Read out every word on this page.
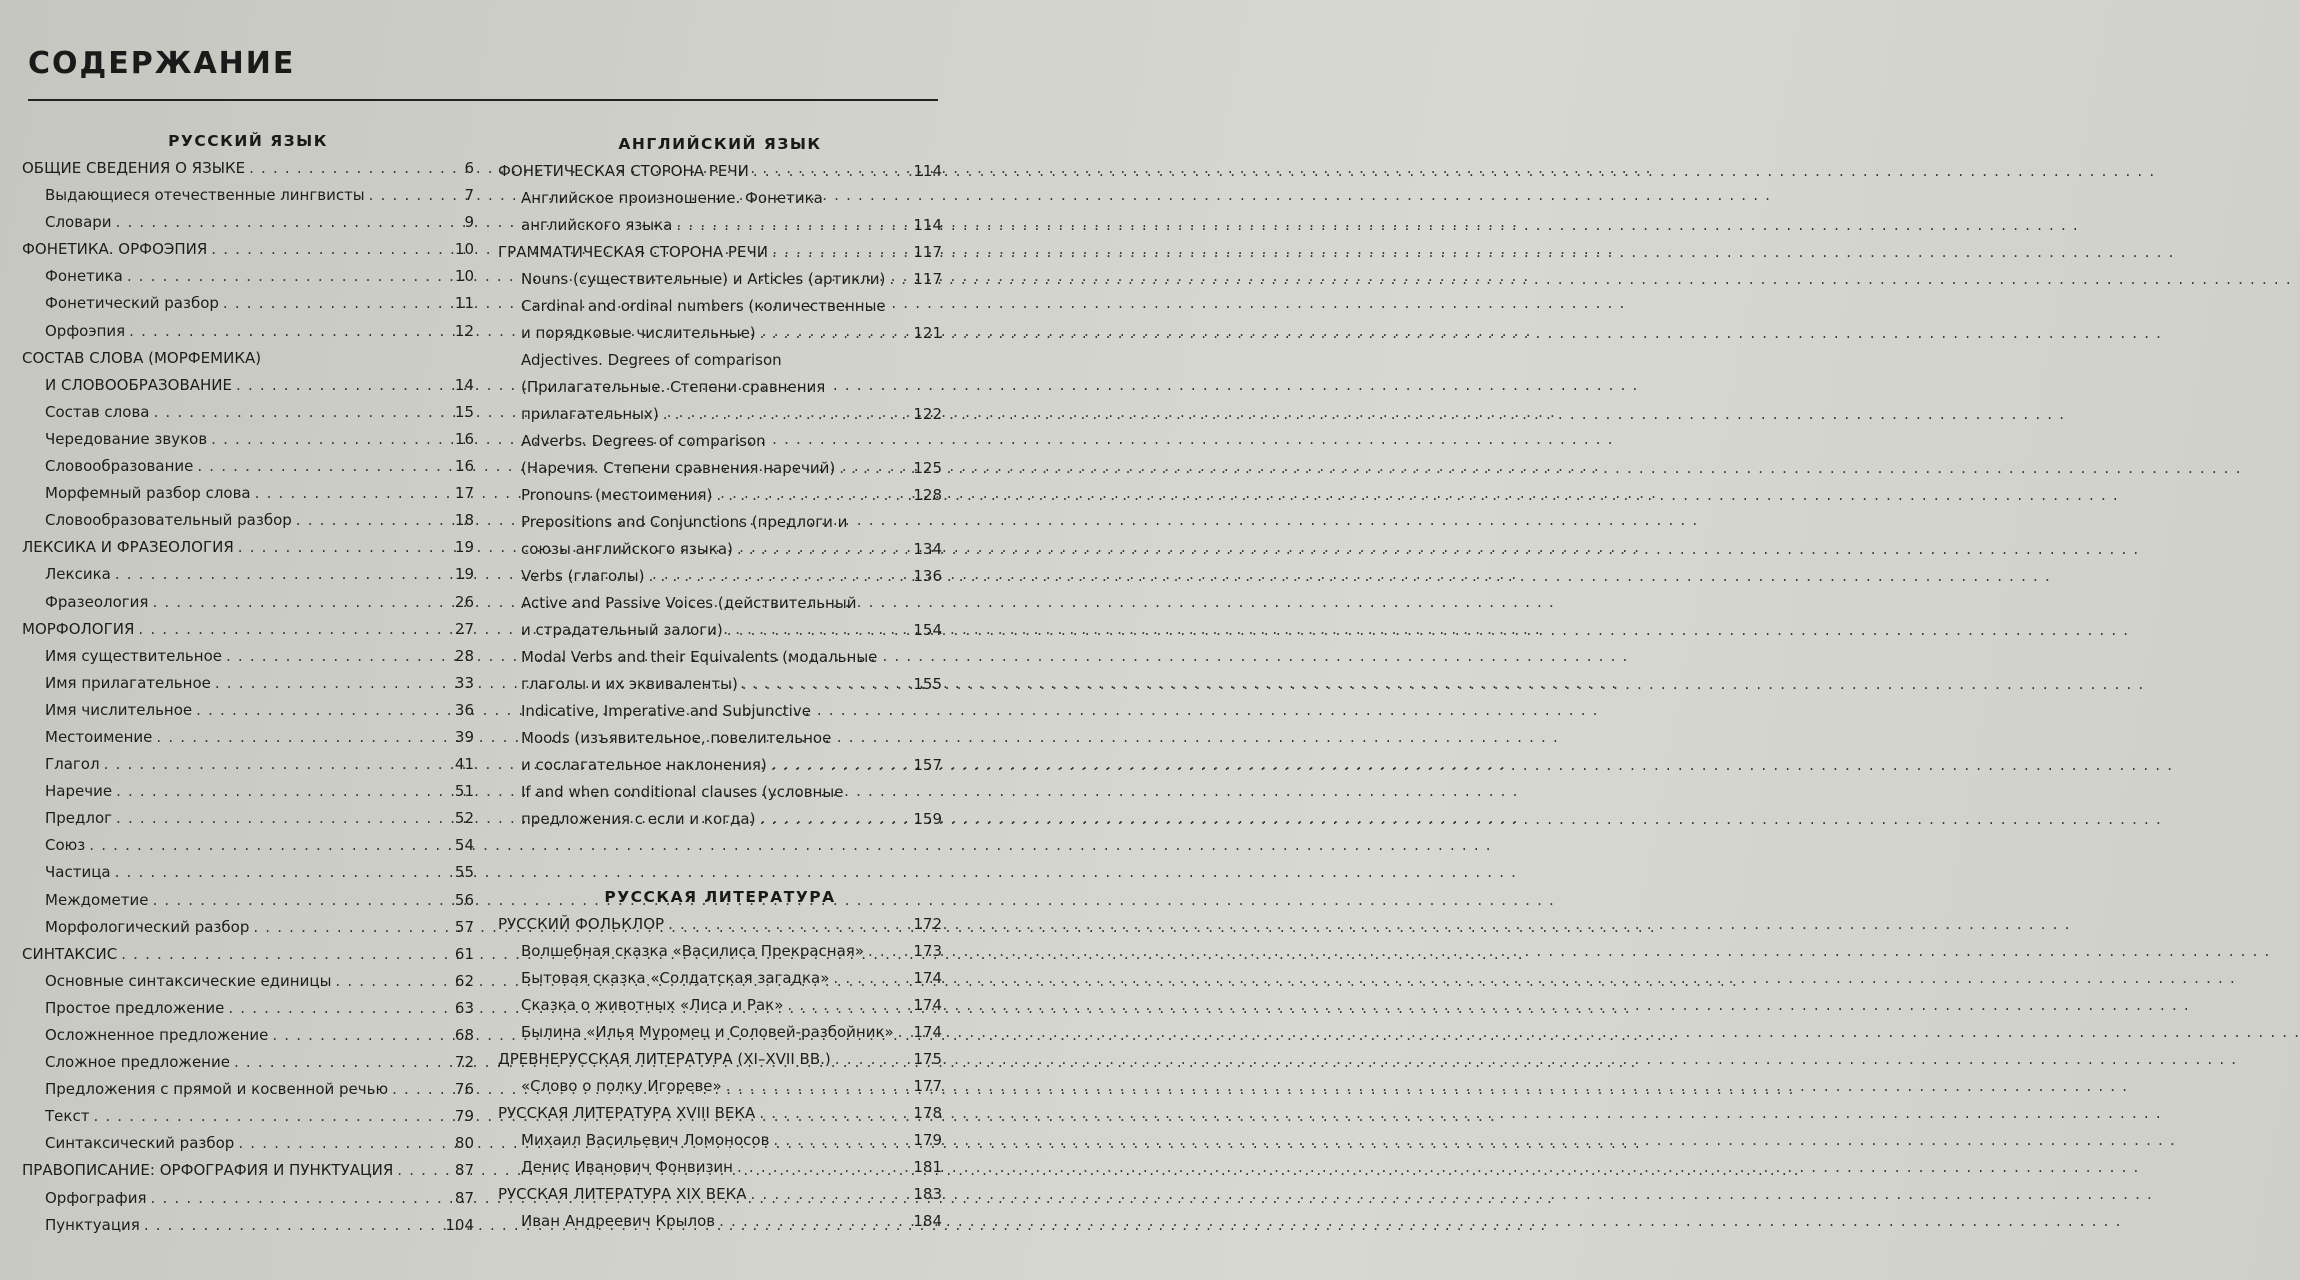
СОДЕРЖАНИЕ
РУССКИЙ ЯЗЫК
ОБЩИЕ СВЕДЕНИЯ О ЯЗЫКЕ . . .	6
Выдающиеся отечественные лингвисты . . .	7
Словари . . .	9
ФОНЕТИКА. ОРФОЭПИЯ . . .	10
Фонетика . . .	10
Фонетический разбор . . .	11
Орфоэпия . . .	12
СОСТАВ СЛОВА (МОРФЕМИКА)
И СЛОВООБРАЗОВАНИЕ . . .	14
Состав слова . . .	15
Чередование звуков . . .	16
Словообразование . . .	16
Морфемный разбор слова . . .	17
Словообразовательный разбор . . .	18
ЛЕКСИКА И ФРАЗЕОЛОГИЯ . . .	19
Лексика . . .	19
Фразеология . . .	26
МОРФОЛОГИЯ . . .	27
Имя существительное . . .	28
Имя прилагательное . . .	33
Имя числительное . . .	36
Местоимение . . .	39
Глагол . . .	41
Наречие . . .	51
Предлог . . .	52
Союз . . .	54
Частица . . .	55
Междометие . . .	56
Морфологический разбор . . .	57
СИНТАКСИС . . .	61
Основные синтаксические единицы . . .	62
Простое предложение . . .	63
Осложненное предложение . . .	68
Сложное предложение . . .	72
Предложения с прямой и косвенной речью . . .	76
Текст . . .	79
Синтаксический разбор . . .	80
ПРАВОПИСАНИЕ: ОРФОГРАФИЯ И ПУНКТУАЦИЯ . . .	87
Орфография . . .	87
Пунктуация . . .	104
АНГЛИЙСКИЙ ЯЗЫК
ФОНЕТИЧЕСКАЯ СТОРОНА РЕЧИ . . .	114
Английское произношение. Фонетика
английского языка . . .	114
ГРАММАТИЧЕСКАЯ СТОРОНА РЕЧИ . . .	117
Nouns (существительные) и Articles (артикли) . . . 117
Cardinal and ordinal numbers (количественные
и порядковые числительные) . . .	121
Adjectives. Degrees of comparison
(Прилагательные. Степени сравнения
прилагательных) . . .	122
Adverbs. Degrees of comparison
(Наречия. Степени сравнения наречий) . . .	125
Pronouns (местоимения) . . .	128
Prepositions and Conjunctions (предлоги и
союзы английского языка) . . .	134
Verbs (глаголы) . . .	136
Active and Passive Voices (действительный
и страдательный залоги) . . .	154
Modal Verbs and their Equivalents (модальные
глаголы и их эквиваленты) . . .	155
Indicative, Imperative and Subjunctive
Moods (изъявительное, повелительное
и сослагательное наклонения) . . .	157
If and when conditional clauses (условные
предложения с если и когда) . . .	159
РУССКАЯ ЛИТЕРАТУРА
РУССКИЙ ФОЛЬКЛОР . . .	172
Волшебная сказка «Василиса Прекрасная» . . .	173
Бытовая сказка «Солдатская загадка» . . .	174
Сказка о животных «Лиса и Рак» . . .	174
Былина «Илья Муромец и Соловей-разбойник» . . . 174
ДРЕВНЕРУССКАЯ ЛИТЕРАТУРА (XI–XVII ВВ.) . . .	175
«Слово о полку Игореве» . . .	177
РУССКАЯ ЛИТЕРАТУРА XVIII ВЕКА . . .	178
Михаил Васильевич Ломоносов . . .	179
Денис Иванович Фонвизин . . .	181
РУССКАЯ ЛИТЕРАТУРА XIX ВЕКА . . .	183
Иван Андреевич Крылов . . .	184
